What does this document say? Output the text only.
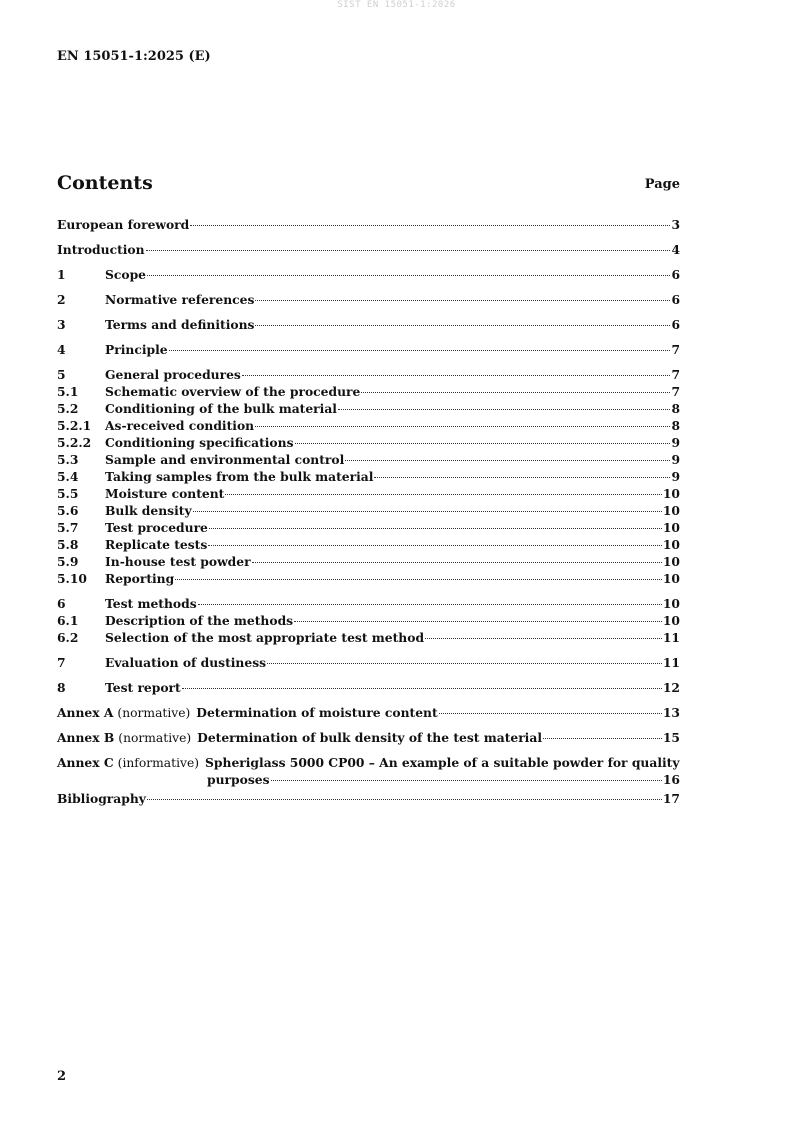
SIST EN 15051-1:2026
EN 15051-1:2025 (E)
Contents	Page
European foreword	3
Introduction	4
1	Scope	6
2	Normative references	6
3	Terms and definitions	6
4	Principle	7
5	General procedures	7
5.1	Schematic overview of the procedure	7
5.2	Conditioning of the bulk material	8
5.2.1	As-received condition	8
5.2.2	Conditioning specifications	9
5.3	Sample and environmental control	9
5.4	Taking samples from the bulk material	9
5.5	Moisture content	10
5.6	Bulk density	10
5.7	Test procedure	10
5.8	Replicate tests	10
5.9	In-house test powder	10
5.10	Reporting	10
6	Test methods	10
6.1	Description of the methods	10
6.2	Selection of the most appropriate test method	11
7	Evaluation of dustiness	11
8	Test report	12
Annex A (normative) Determination of moisture content	13
Annex B (normative) Determination of bulk density of the test material	15
Annex C (informative) Spheriglass 5000 CP00 – An example of a suitable powder for quality
purposes	16
Bibliography	17
2
